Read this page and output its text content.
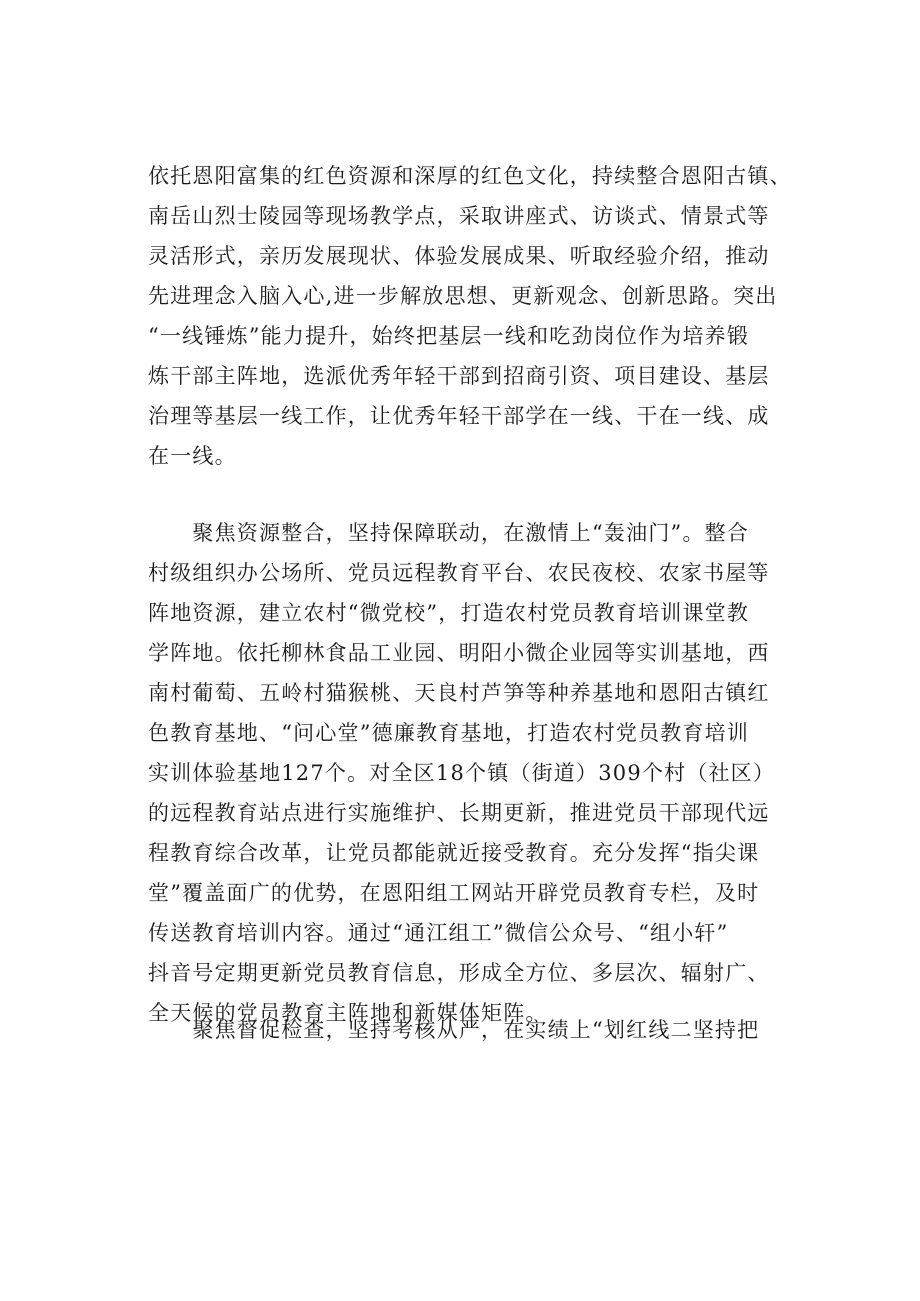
依托恩阳富集的红色资源和深厚的红色文化，持续整合恩阳古镇、
南岳山烈士陵园等现场教学点，采取讲座式、访谈式、情景式等
灵活形式，亲历发展现状、体验发展成果、听取经验介绍，推动
先进理念入脑入心,进一步解放思想、更新观念、创新思路。突出
“一线锤炼”能力提升，始终把基层一线和吃劲岗位作为培养锻
炼干部主阵地，选派优秀年轻干部到招商引资、项目建设、基层
治理等基层一线工作，让优秀年轻干部学在一线、干在一线、成
在一线。
　　聚焦资源整合，坚持保障联动，在激情上“轰油门”。整合
村级组织办公场所、党员远程教育平台、农民夜校、农家书屋等
阵地资源，建立农村“微党校”，打造农村党员教育培训课堂教
学阵地。依托柳林食品工业园、明阳小微企业园等实训基地，西
南村葡萄、五岭村猫猴桃、天良村芦笋等种养基地和恩阳古镇红
色教育基地、“问心堂”德廉教育基地，打造农村党员教育培训
实训体验基地127个。对全区18个镇（街道）309个村（社区）
的远程教育站点进行实施维护、长期更新，推进党员干部现代远
程教育综合改革，让党员都能就近接受教育。充分发挥“指尖课
堂”覆盖面广的优势，在恩阳组工网站开辟党员教育专栏，及时
传送教育培训内容。通过“通江组工”微信公众号、“组小轩”
抖音号定期更新党员教育信息，形成全方位、多层次、辐射广、
全天候的党员教育主阵地和新媒体矩阵。
　　聚焦督促检查，坚持考核从严，在实绩上“划红线二坚持把
